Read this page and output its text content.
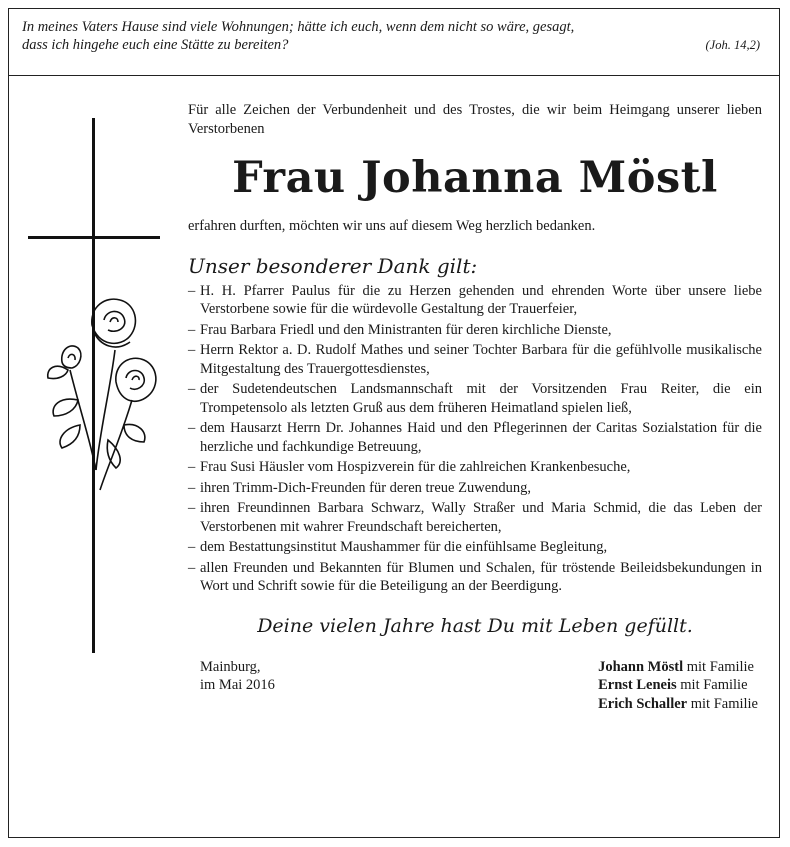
In meines Vaters Hause sind viele Wohnungen; hätte ich euch, wenn dem nicht so wäre, gesagt,
dass ich hingehe euch eine Stätte zu bereiten?	(Joh. 14,2)

Für alle Zeichen der Verbundenheit und des Trostes, die wir beim Heimgang unserer lieben Verstorbenen

Frau Johanna Möstl

erfahren durften, möchten wir uns auf diesem Weg herzlich bedanken.

Unser besonderer Dank gilt:
– H. H. Pfarrer Paulus für die zu Herzen gehenden und ehrenden Worte über unsere liebe Verstorbene sowie für die würdevolle Gestaltung der Trauerfeier,
– Frau Barbara Friedl und den Ministranten für deren kirchliche Dienste,
– Herrn Rektor a. D. Rudolf Mathes und seiner Tochter Barbara für die gefühlvolle musikalische Mitgestaltung des Trauergottesdienstes,
– der Sudetendeutschen Landsmannschaft mit der Vorsitzenden Frau Reiter, die ein Trompetensolo als letzten Gruß aus dem früheren Heimatland spielen ließ,
– dem Hausarzt Herrn Dr. Johannes Haid und den Pflegerinnen der Caritas Sozialstation für die herzliche und fachkundige Betreuung,
– Frau Susi Häusler vom Hospizverein für die zahlreichen Krankenbesuche,
– ihren Trimm-Dich-Freunden für deren treue Zuwendung,
– ihren Freundinnen Barbara Schwarz, Wally Straßer und Maria Schmid, die das Leben der Verstorbenen mit wahrer Freundschaft bereicherten,
– dem Bestattungsinstitut Maushammer für die einfühlsame Begleitung,
– allen Freunden und Bekannten für Blumen und Schalen, für tröstende Beileidsbekundungen in Wort und Schrift sowie für die Beteiligung an der Beerdigung.
Deine vielen Jahre hast Du mit Leben gefüllt.
Mainburg,
im Mai 2016
Johann Möstl mit Familie
Ernst Leneis mit Familie
Erich Schaller mit Familie
